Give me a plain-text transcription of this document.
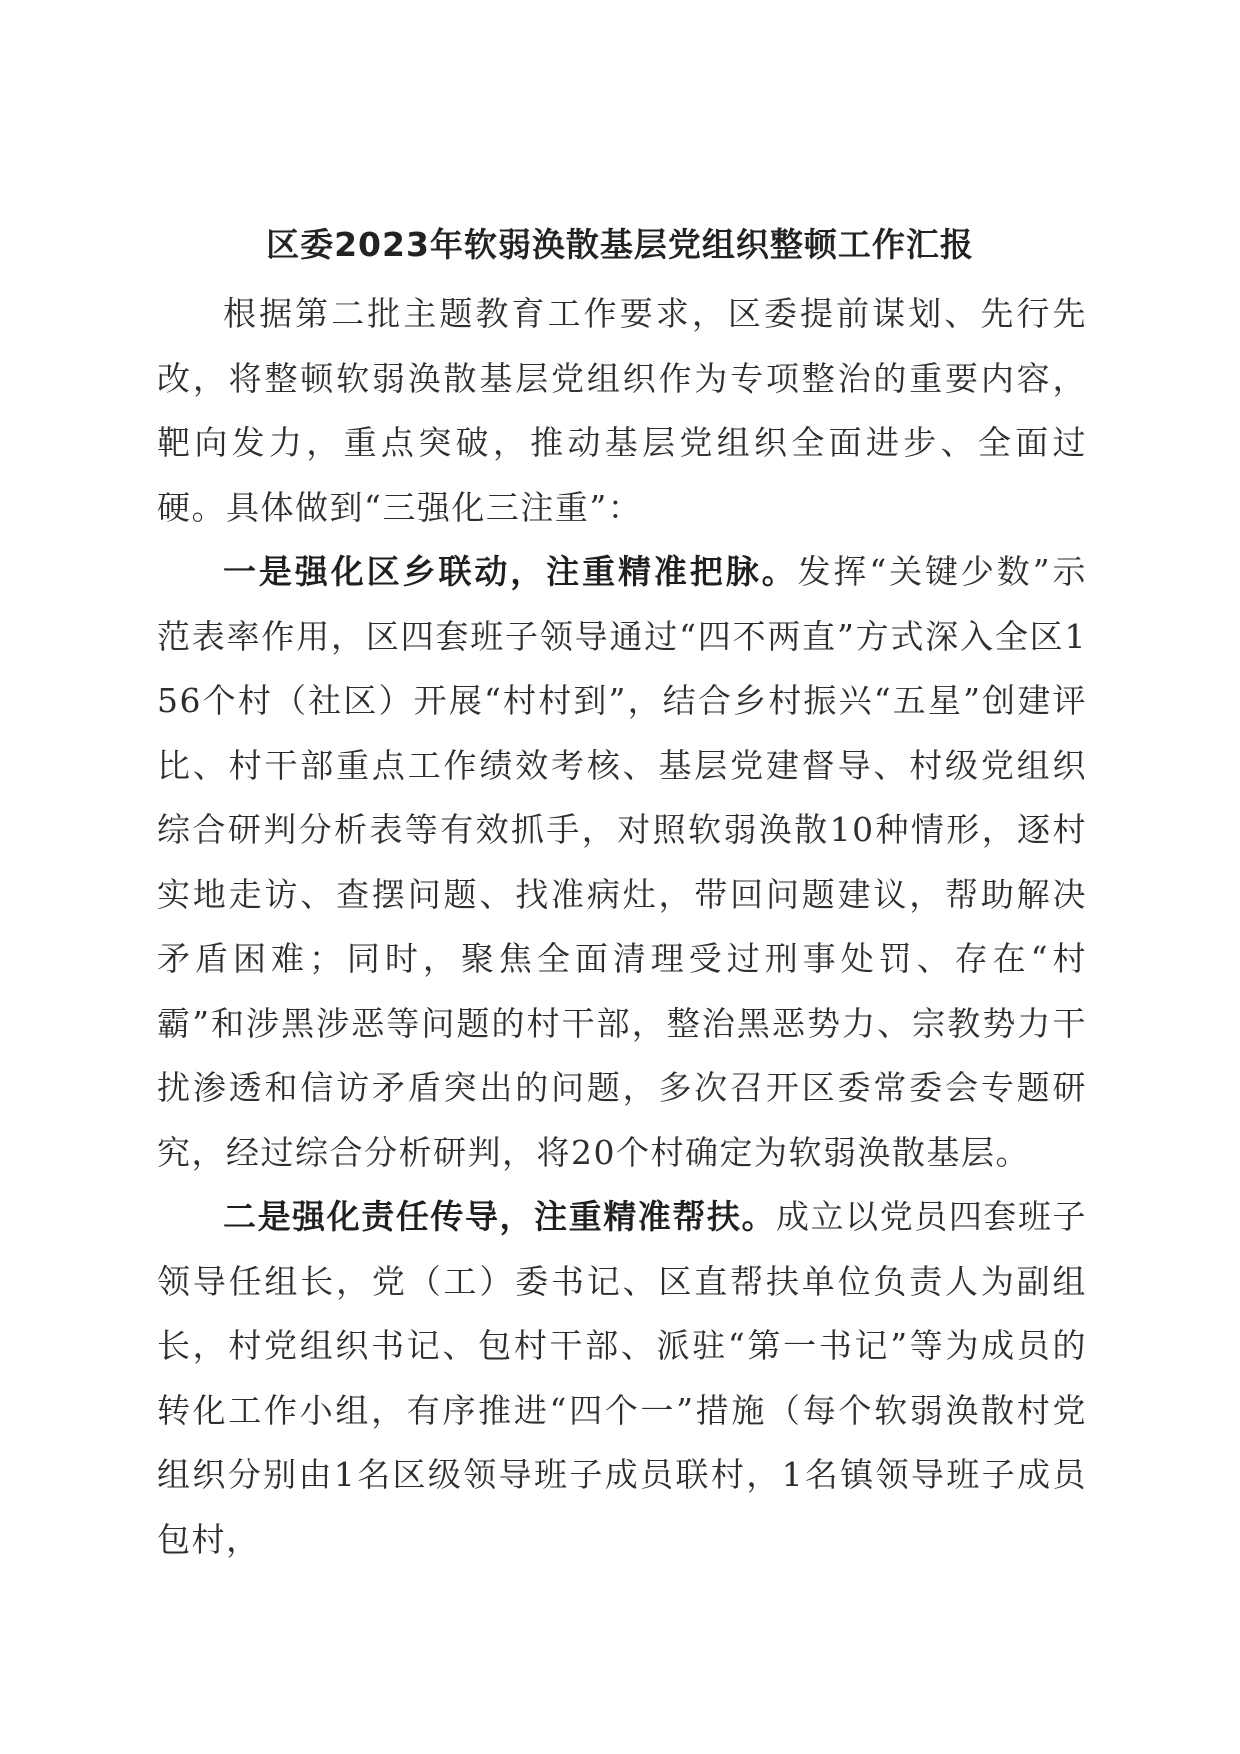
区委2023年软弱涣散基层党组织整顿工作汇报

根据第二批主题教育工作要求，区委提前谋划、先行先改，将整顿软弱涣散基层党组织作为专项整治的重要内容，靶向发力，重点突破，推动基层党组织全面进步、全面过硬。具体做到“三强化三注重”：

一是强化区乡联动，注重精准把脉。发挥“关键少数”示范表率作用，区四套班子领导通过“四不两直”方式深入全区156个村（社区）开展“村村到”，结合乡村振兴“五星”创建评比、村干部重点工作绩效考核、基层党建督导、村级党组织综合研判分析表等有效抓手，对照软弱涣散10种情形，逐村实地走访、查摆问题、找准病灶，带回问题建议，帮助解决矛盾困难；同时，聚焦全面清理受过刑事处罚、存在“村霸”和涉黑涉恶等问题的村干部，整治黑恶势力、宗教势力干扰渗透和信访矛盾突出的问题，多次召开区委常委会专题研究，经过综合分析研判，将20个村确定为软弱涣散基层。

二是强化责任传导，注重精准帮扶。成立以党员四套班子领导任组长，党（工）委书记、区直帮扶单位负责人为副组长，村党组织书记、包村干部、派驻“第一书记”等为成员的转化工作小组，有序推进“四个一”措施（每个软弱涣散村党组织分别由1名区级领导班子成员联村，1名镇领导班子成员包村，
